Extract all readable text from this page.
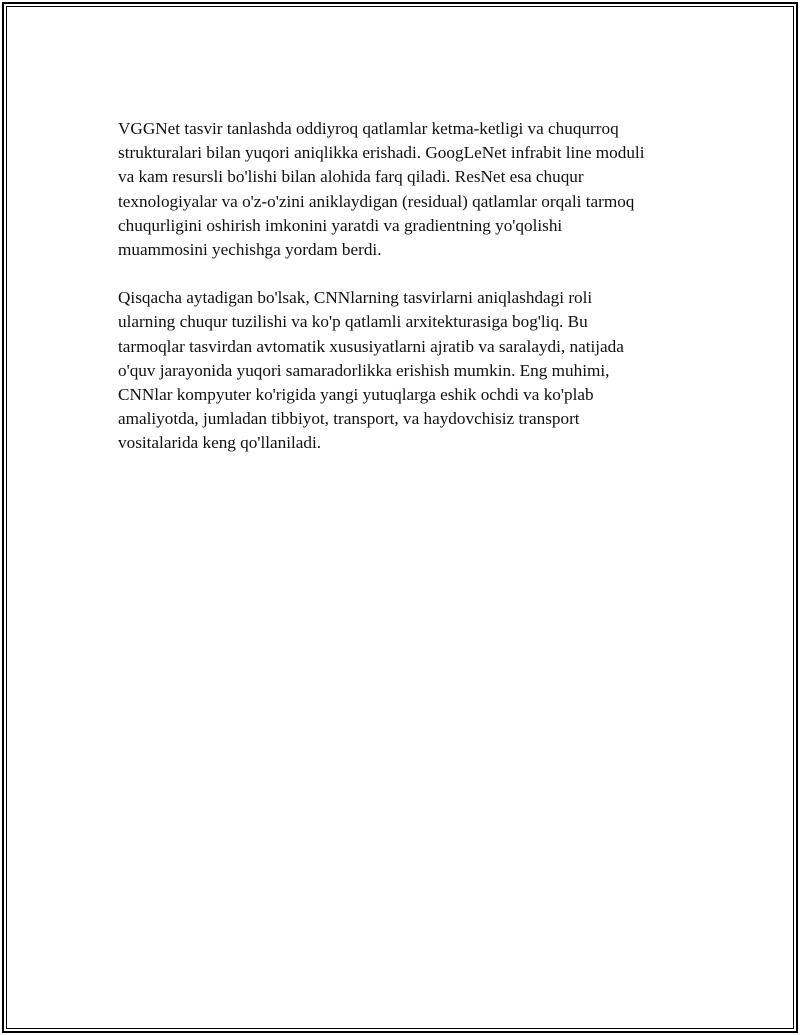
VGGNet tasvir tanlashda oddiyroq qatlamlar ketma-ketligi va chuqurroq
strukturalari bilan yuqori aniqlikka erishadi. GoogLeNet infrabit line moduli
va kam resursli bo'lishi bilan alohida farq qiladi. ResNet esa chuqur
texnologiyalar va o'z-o'zini aniklaydigan (residual) qatlamlar orqali tarmoq
chuqurligini oshirish imkonini yaratdi va gradientning yo'qolishi
muammosini yechishga yordam berdi.

Qisqacha aytadigan bo'lsak, CNNlarning tasvirlarni aniqlashdagi roli
ularning chuqur tuzilishi va ko'p qatlamli arxitekturasiga bog'liq. Bu
tarmoqlar tasvirdan avtomatik xususiyatlarni ajratib va saralaydi, natijada
o'quv jarayonida yuqori samaradorlikka erishish mumkin. Eng muhimi,
CNNlar kompyuter ko'rigida yangi yutuqlarga eshik ochdi va ko'plab
amaliyotda, jumladan tibbiyot, transport, va haydovchisiz transport
vositalarida keng qo'llaniladi.
